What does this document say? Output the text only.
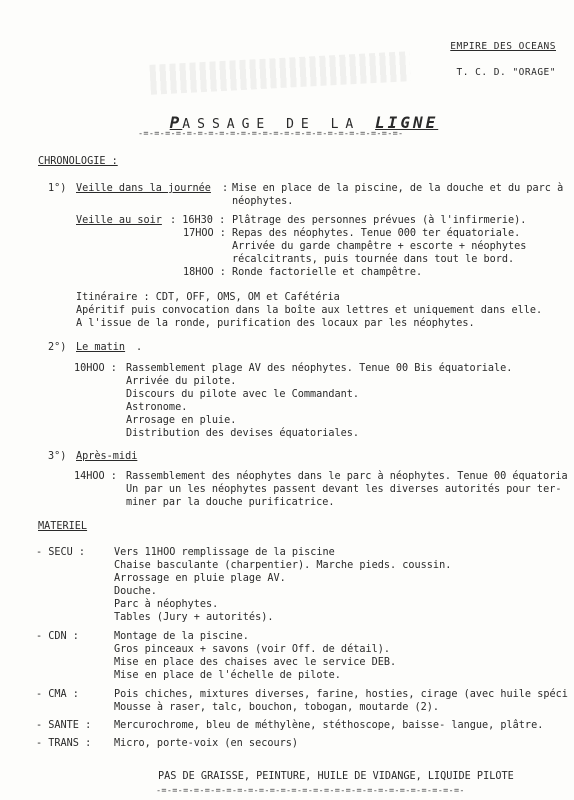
EMPIRE DES OCEANS
T. C. D. "ORAGE"

PASSAGE DE LA LIGNE

-=-=-=-=-=-=-=-=-=-=-=-=-=-=-=-=-=-=-=-=-=-=-=-=-
CHRONOLOGIE :
1°) Veille dans la journée : Mise en place de la piscine, de la douche et du parc à
néophytes.
Veille au soir : 16H30 : Plâtrage des personnes prévues (à l'infirmerie).
17HOO : Repas des néophytes. Tenue 000 ter équatoriale.
Arrivée du garde champêtre + escorte + néophytes
récalcitrants, puis tournée dans tout le bord.
18HOO : Ronde factorielle et champêtre.
Itinéraire : CDT, OFF, OMS, OM et Cafétéria
Apéritif puis convocation dans la boîte aux lettres et uniquement dans elle.
A l'issue de la ronde, purification des locaux par les néophytes.
2°) Le matin .
10HOO : Rassemblement plage AV des néophytes. Tenue 00 Bis équatoriale.
Arrivée du pilote.
Discours du pilote avec le Commandant.
Astronome.
Arrosage en pluie.
Distribution des devises équatoriales.
3°) Après-midi
14HOO : Rassemblement des néophytes dans le parc à néophytes. Tenue 00 équatoria
Un par un les néophytes passent devant les diverses autorités pour ter-
miner par la douche purificatrice.
MATERIEL
- SECU :	Vers 11HOO remplissage de la piscine
Chaise basculante (charpentier). Marche pieds. coussin.
Arrossage en pluie plage AV.
Douche.
Parc à néophytes.
Tables (Jury + autorités).
- CDN :	Montage de la piscine.
Gros pinceaux + savons (voir Off. de détail).
Mise en place des chaises avec le service DEB.
Mise en place de l'échelle de pilote.
- CMA :	Pois chiches, mixtures diverses, farine, hosties, cirage (avec huile spéci
Mousse à raser, talc, bouchon, tobogan, moutarde (2).
- SANTE : Mercurochrome, bleu de méthylène, stéthoscope, baisse- langue, plâtre.
- TRANS : Micro, porte-voix (en secours)
PAS DE GRAISSE, PEINTURE, HUILE DE VIDANGE, LIQUIDE PILOTE
-=-=-=-=-=-=-=-=-=-=-=-=-=-=-=-=-=-=-=-=-=-=-=-=-=-=-=-=-
